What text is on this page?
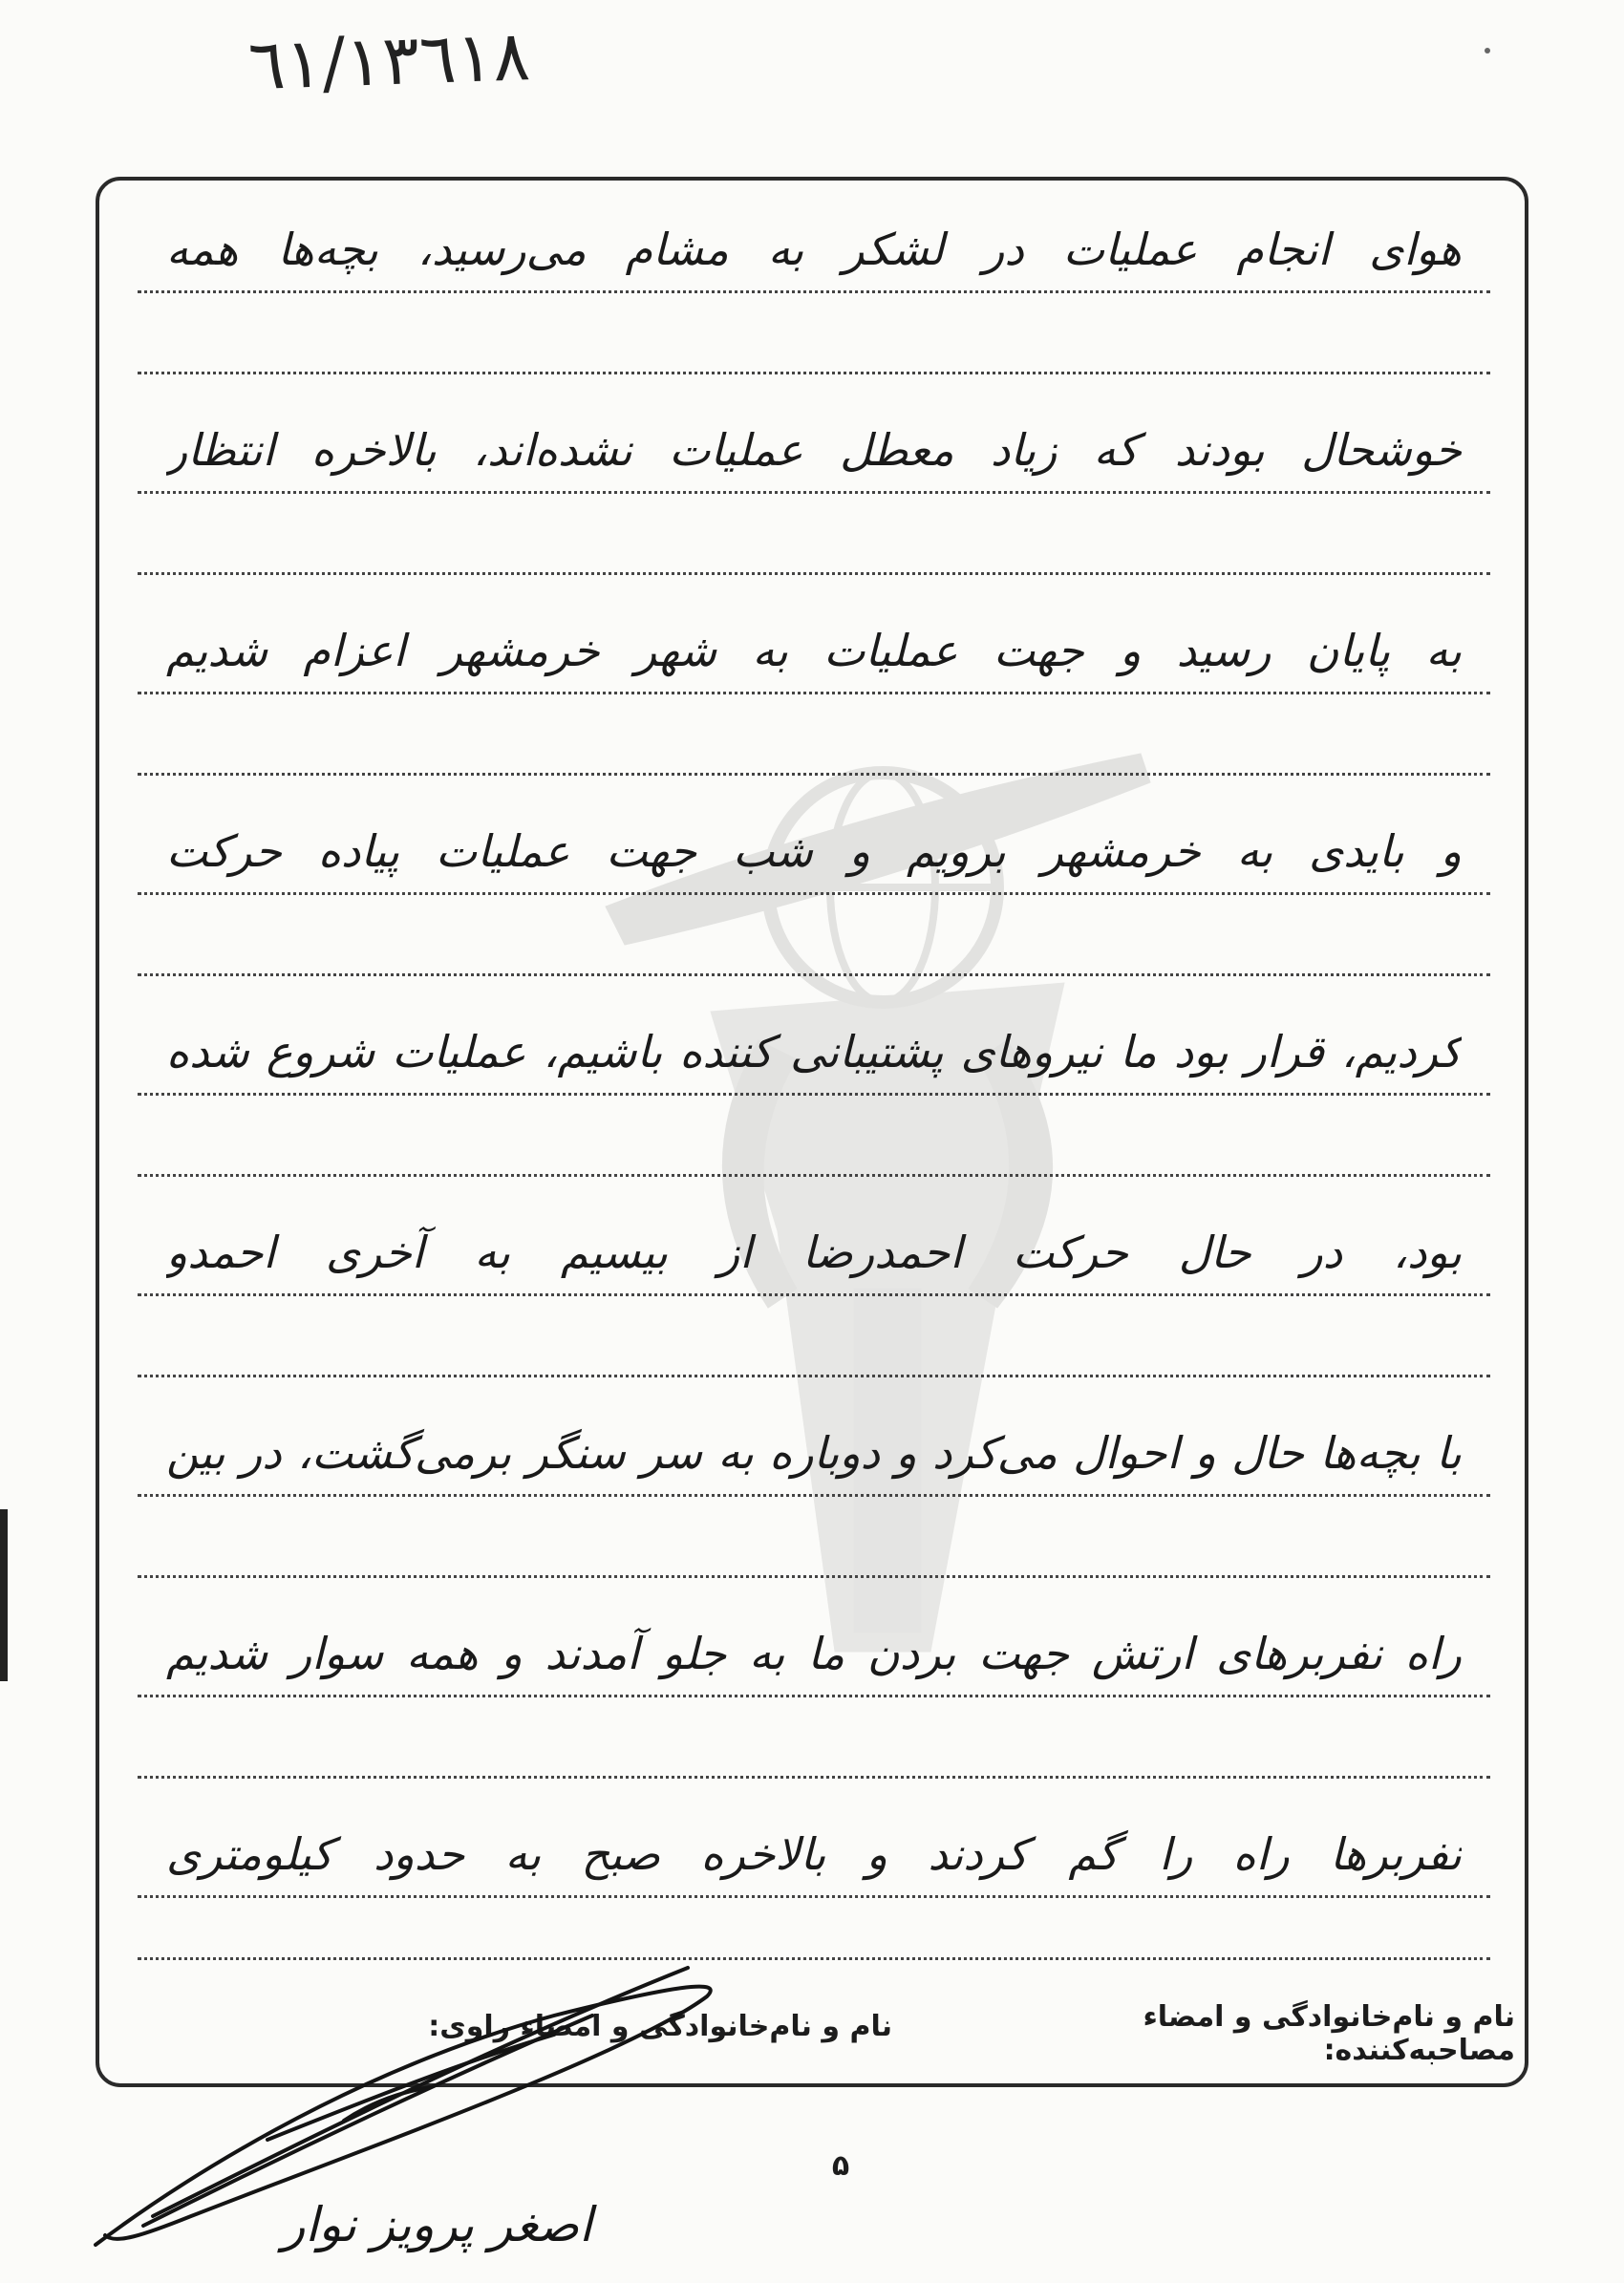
٦١/١٣٦١٨
هوای انجام عملیات در لشکر به مشام می‌رسید، بچه‌ها همه
خوشحال بودند که زیاد معطل عملیات نشده‌اند، بالاخره انتظار
به پایان رسید و جهت عملیات به شهر خرمشهر اعزام شدیم
و بایدی به خرمشهر برویم و شب جهت عملیات پیاده حرکت
کردیم، قرار بود ما نیروهای پشتیبانی کننده باشیم، عملیات شروع شده
بود، در حال حرکت احمدرضا از بیسیم به آخری احمدو
با بچه‌ها حال و احوال می‌کرد و دوباره به سر سنگر برمی‌گشت، در بین
راه نفربرهای ارتش جهت بردن ما به جلو آمدند و همه سوار شدیم
نفربرها راه را گم کردند و بالاخره صبح به حدود کیلومتری
نام و نام‌خانوادگی و امضاء راوی:	نام و نام‌خانوادگی و امضاء مصاحبه‌کننده:
اصغر پرویز نوار
۵
